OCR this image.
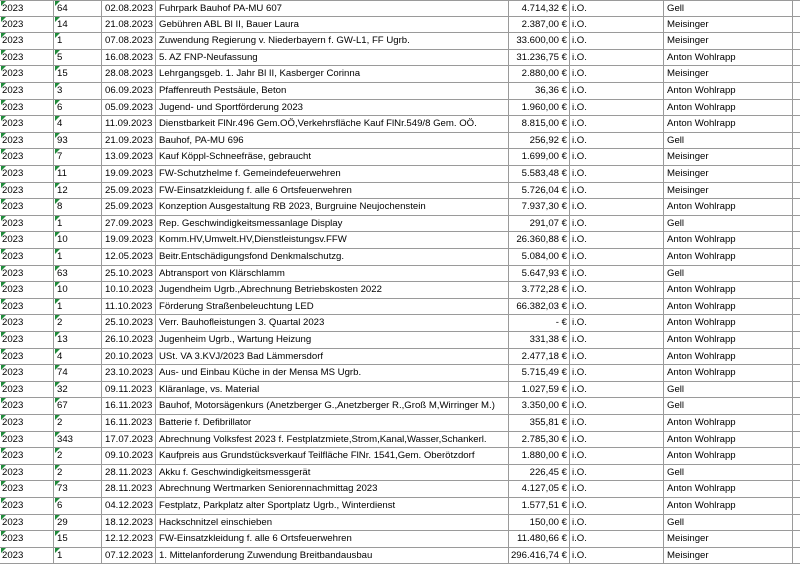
2023	64	02.08.2023 Fuhrpark Bauhof PA-MU 607	4.714,32 € i.O.	Gell
2023	14	21.08.2023 Gebühren ABL Bl II, Bauer Laura	2.387,00 € i.O.	Meisinger
2023	1	07.08.2023 Zuwendung Regierung v. Niederbayern f. GW-L1, FF Ugrb.	33.600,00 € i.O.	Meisinger
2023	5	16.08.2023 5. AZ FNP-Neufassung	31.236,75 € i.O.	Anton Wohlrapp
2023	15	28.08.2023 Lehrgangsgeb. 1. Jahr Bl II, Kasberger Corinna	2.880,00 € i.O.	Meisinger
2023	3	06.09.2023 Pfaffenreuth Pestsäule, Beton	36,36 € i.O.	Anton Wohlrapp
2023	6	05.09.2023 Jugend- und Sportförderung 2023	1.960,00 € i.O.	Anton Wohlrapp
2023	4	11.09.2023 Dienstbarkeit FlNr.496 Gem.OÖ,Verkehrsfläche Kauf FlNr.549/8 Gem. OÖ.	8.815,00 € i.O.	Anton Wohlrapp
2023	93	21.09.2023 Bauhof, PA-MU 696	256,92 € i.O.	Gell
2023	7	13.09.2023 Kauf Köppl-Schneefräse, gebraucht	1.699,00 € i.O.	Meisinger
2023	11	19.09.2023 FW-Schutzhelme f. Gemeindefeuerwehren	5.583,48 € i.O.	Meisinger
2023	12	25.09.2023 FW-Einsatzkleidung f. alle 6 Ortsfeuerwehren	5.726,04 € i.O.	Meisinger
2023	8	25.09.2023 Konzeption Ausgestaltung RB 2023, Burgruine Neujochenstein	7.937,30 € i.O.	Anton Wohlrapp
2023	1	27.09.2023 Rep. Geschwindigkeitsmessanlage Display	291,07 € i.O.	Gell
2023	10	19.09.2023 Komm.HV,Umwelt.HV,Dienstleistungsv.FFW	26.360,88 € i.O.	Anton Wohlrapp
2023	1	12.05.2023 Beitr.Entschädigungsfond Denkmalschutzg.	5.084,00 € i.O.	Anton Wohlrapp
2023	63	25.10.2023 Abtransport von Klärschlamm	5.647,93 € i.O.	Gell
2023	10	10.10.2023 Jugendheim Ugrb.,Abrechnung Betriebskosten 2022	3.772,28 € i.O.	Anton Wohlrapp
2023	1	11.10.2023 Förderung Straßenbeleuchtung LED	66.382,03 € i.O.	Anton Wohlrapp
2023	2	25.10.2023 Verr. Bauhofleistungen 3. Quartal 2023	- € i.O.	Anton Wohlrapp
2023	13	26.10.2023 Jugenheim Ugrb., Wartung Heizung	331,38 € i.O.	Anton Wohlrapp
2023	4	20.10.2023 USt. VA 3.KVJ/2023 Bad Lämmersdorf	2.477,18 € i.O.	Anton Wohlrapp
2023	74	23.10.2023 Aus- und Einbau Küche in der Mensa MS Ugrb.	5.715,49 € i.O.	Anton Wohlrapp
2023	32	09.11.2023 Kläranlage, vs. Material	1.027,59 € i.O.	Gell
2023	67	16.11.2023 Bauhof, Motorsägenkurs (Anetzberger G.,Anetzberger R.,Groß M,Wirringer M.)	3.350,00 € i.O.	Gell
2023	2	16.11.2023 Batterie f. Defibrillator	355,81 € i.O.	Anton Wohlrapp
2023	343	17.07.2023 Abrechnung Volksfest 2023 f. Festplatzmiete,Strom,Kanal,Wasser,Schankerl.	2.785,30 € i.O.	Anton Wohlrapp
2023	2	09.10.2023 Kaufpreis aus Grundstücksverkauf Teilfläche FlNr. 1541,Gem. Oberötzdorf	1.880,00 € i.O.	Anton Wohlrapp
2023	2	28.11.2023 Akku f. Geschwindigkeitsmessgerät	226,45 € i.O.	Gell
2023	73	28.11.2023 Abrechnung Wertmarken Seniorennachmittag 2023	4.127,05 € i.O.	Anton Wohlrapp
2023	6	04.12.2023 Festplatz, Parkplatz alter Sportplatz Ugrb., Winterdienst	1.577,51 € i.O.	Anton Wohlrapp
2023	29	18.12.2023 Hackschnitzel einschieben	150,00 € i.O.	Gell
2023	15	12.12.2023 FW-Einsatzkleidung f. alle 6 Ortsfeuerwehren	11.480,66 € i.O.	Meisinger
2023	1	07.12.2023 1. Mittelanforderung Zuwendung Breitbandausbau	296.416,74 € i.O.	Meisinger
